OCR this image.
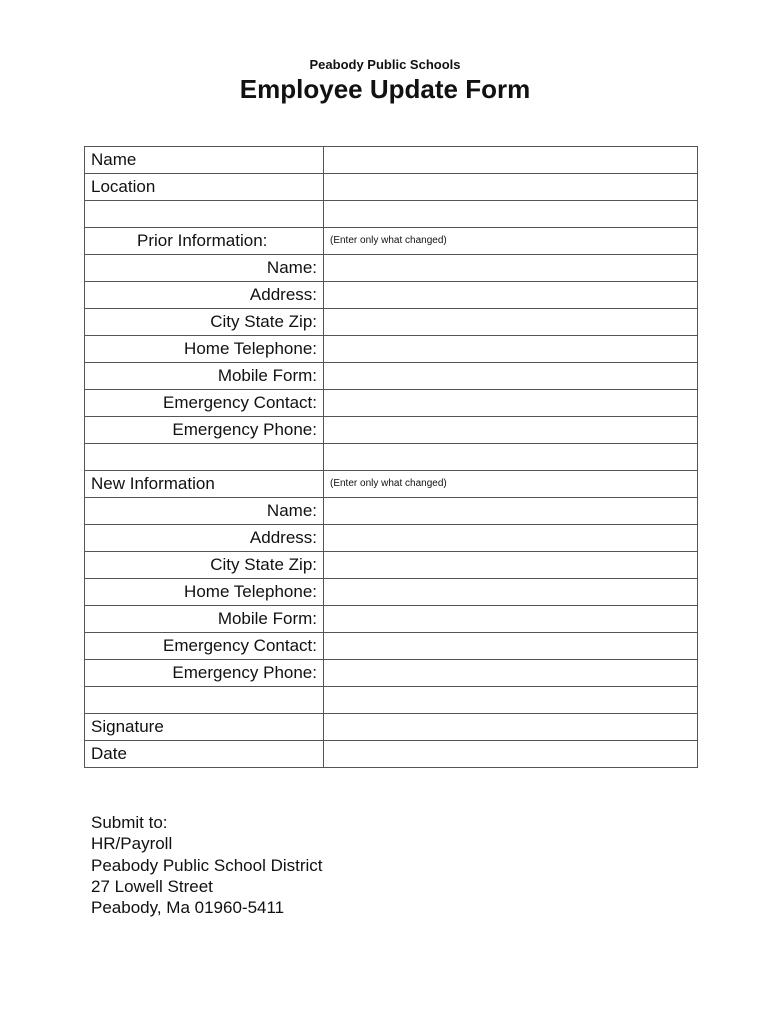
Peabody Public Schools
Employee Update Form
Name	
Location	

Prior Information:	(Enter only what changed)
Name:	
Address:	
City State Zip:	
Home Telephone:	
Mobile Form:	
Emergency Contact:	
Emergency Phone:	

New Information	(Enter only what changed)
Name:	
Address:	
City State Zip:	
Home Telephone:	
Mobile Form:	
Emergency Contact:	
Emergency Phone:	

Signature	
Date	
Submit to:
HR/Payroll
Peabody Public School District
27 Lowell Street
Peabody, Ma 01960-5411
